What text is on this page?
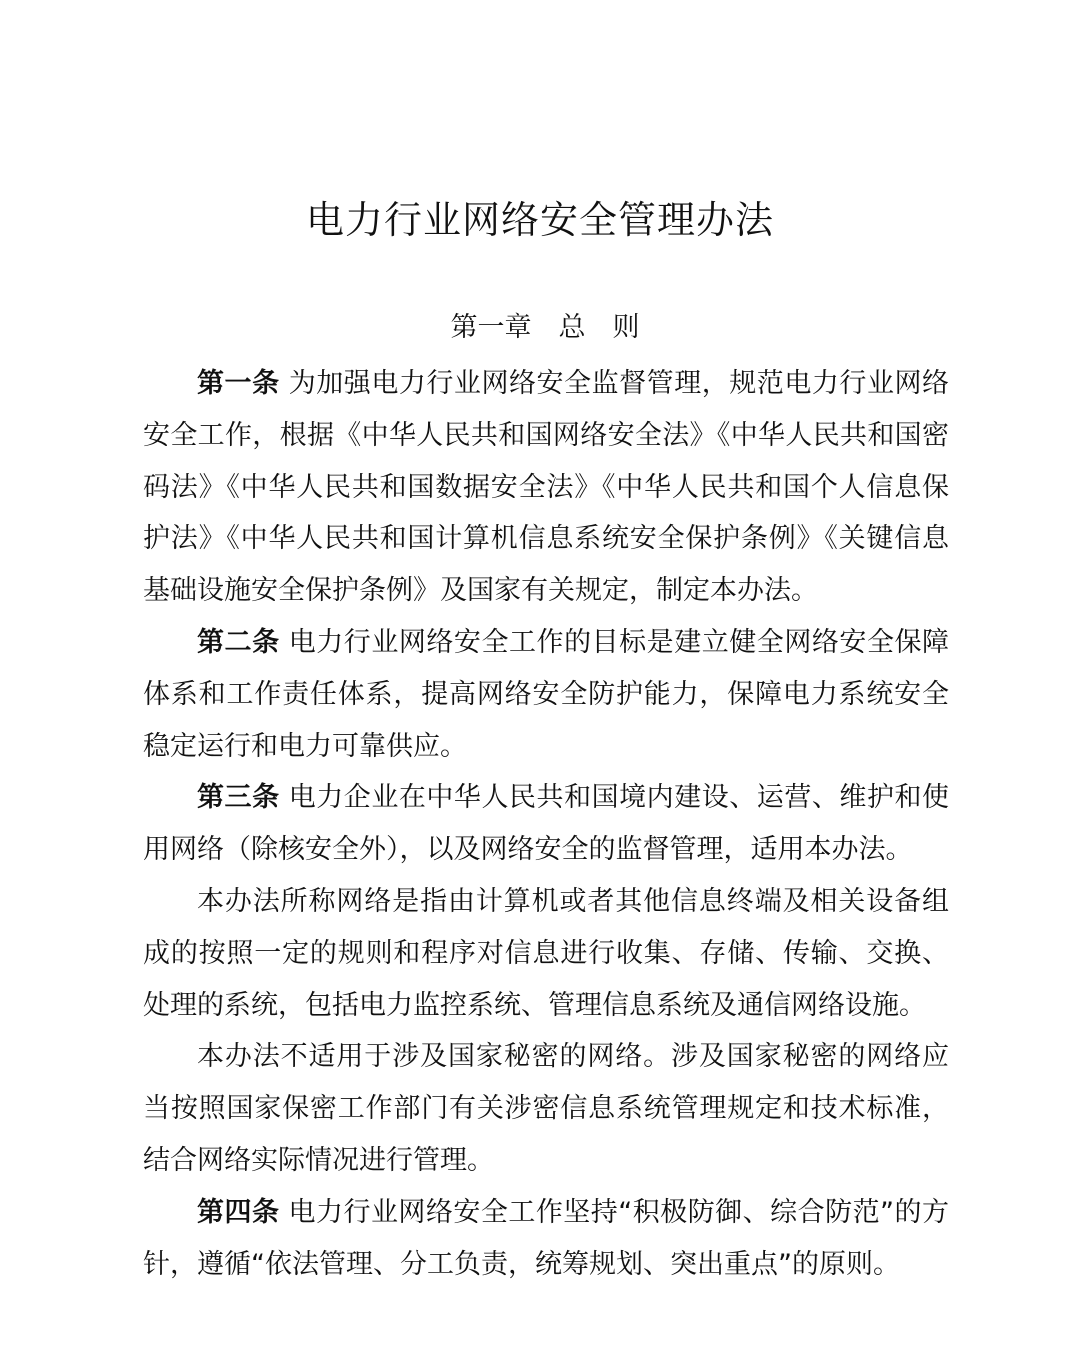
电力行业网络安全管理办法
第一章　总　则

第一条 为加强电力行业网络安全监督管理，规范电力行业网络安全工作，根据《中华人民共和国网络安全法》《中华人民共和国密码法》《中华人民共和国数据安全法》《中华人民共和国个人信息保护法》《中华人民共和国计算机信息系统安全保护条例》《关键信息基础设施安全保护条例》及国家有关规定，制定本办法。

第二条 电力行业网络安全工作的目标是建立健全网络安全保障体系和工作责任体系，提高网络安全防护能力，保障电力系统安全稳定运行和电力可靠供应。

第三条 电力企业在中华人民共和国境内建设、运营、维护和使用网络（除核安全外），以及网络安全的监督管理，适用本办法。

本办法所称网络是指由计算机或者其他信息终端及相关设备组成的按照一定的规则和程序对信息进行收集、存储、传输、交换、处理的系统，包括电力监控系统、管理信息系统及通信网络设施。

本办法不适用于涉及国家秘密的网络。涉及国家秘密的网络应当按照国家保密工作部门有关涉密信息系统管理规定和技术标准，结合网络实际情况进行管理。

第四条 电力行业网络安全工作坚持“积极防御、综合防范”的方针，遵循“依法管理、分工负责，统筹规划、突出重点”的原则。
